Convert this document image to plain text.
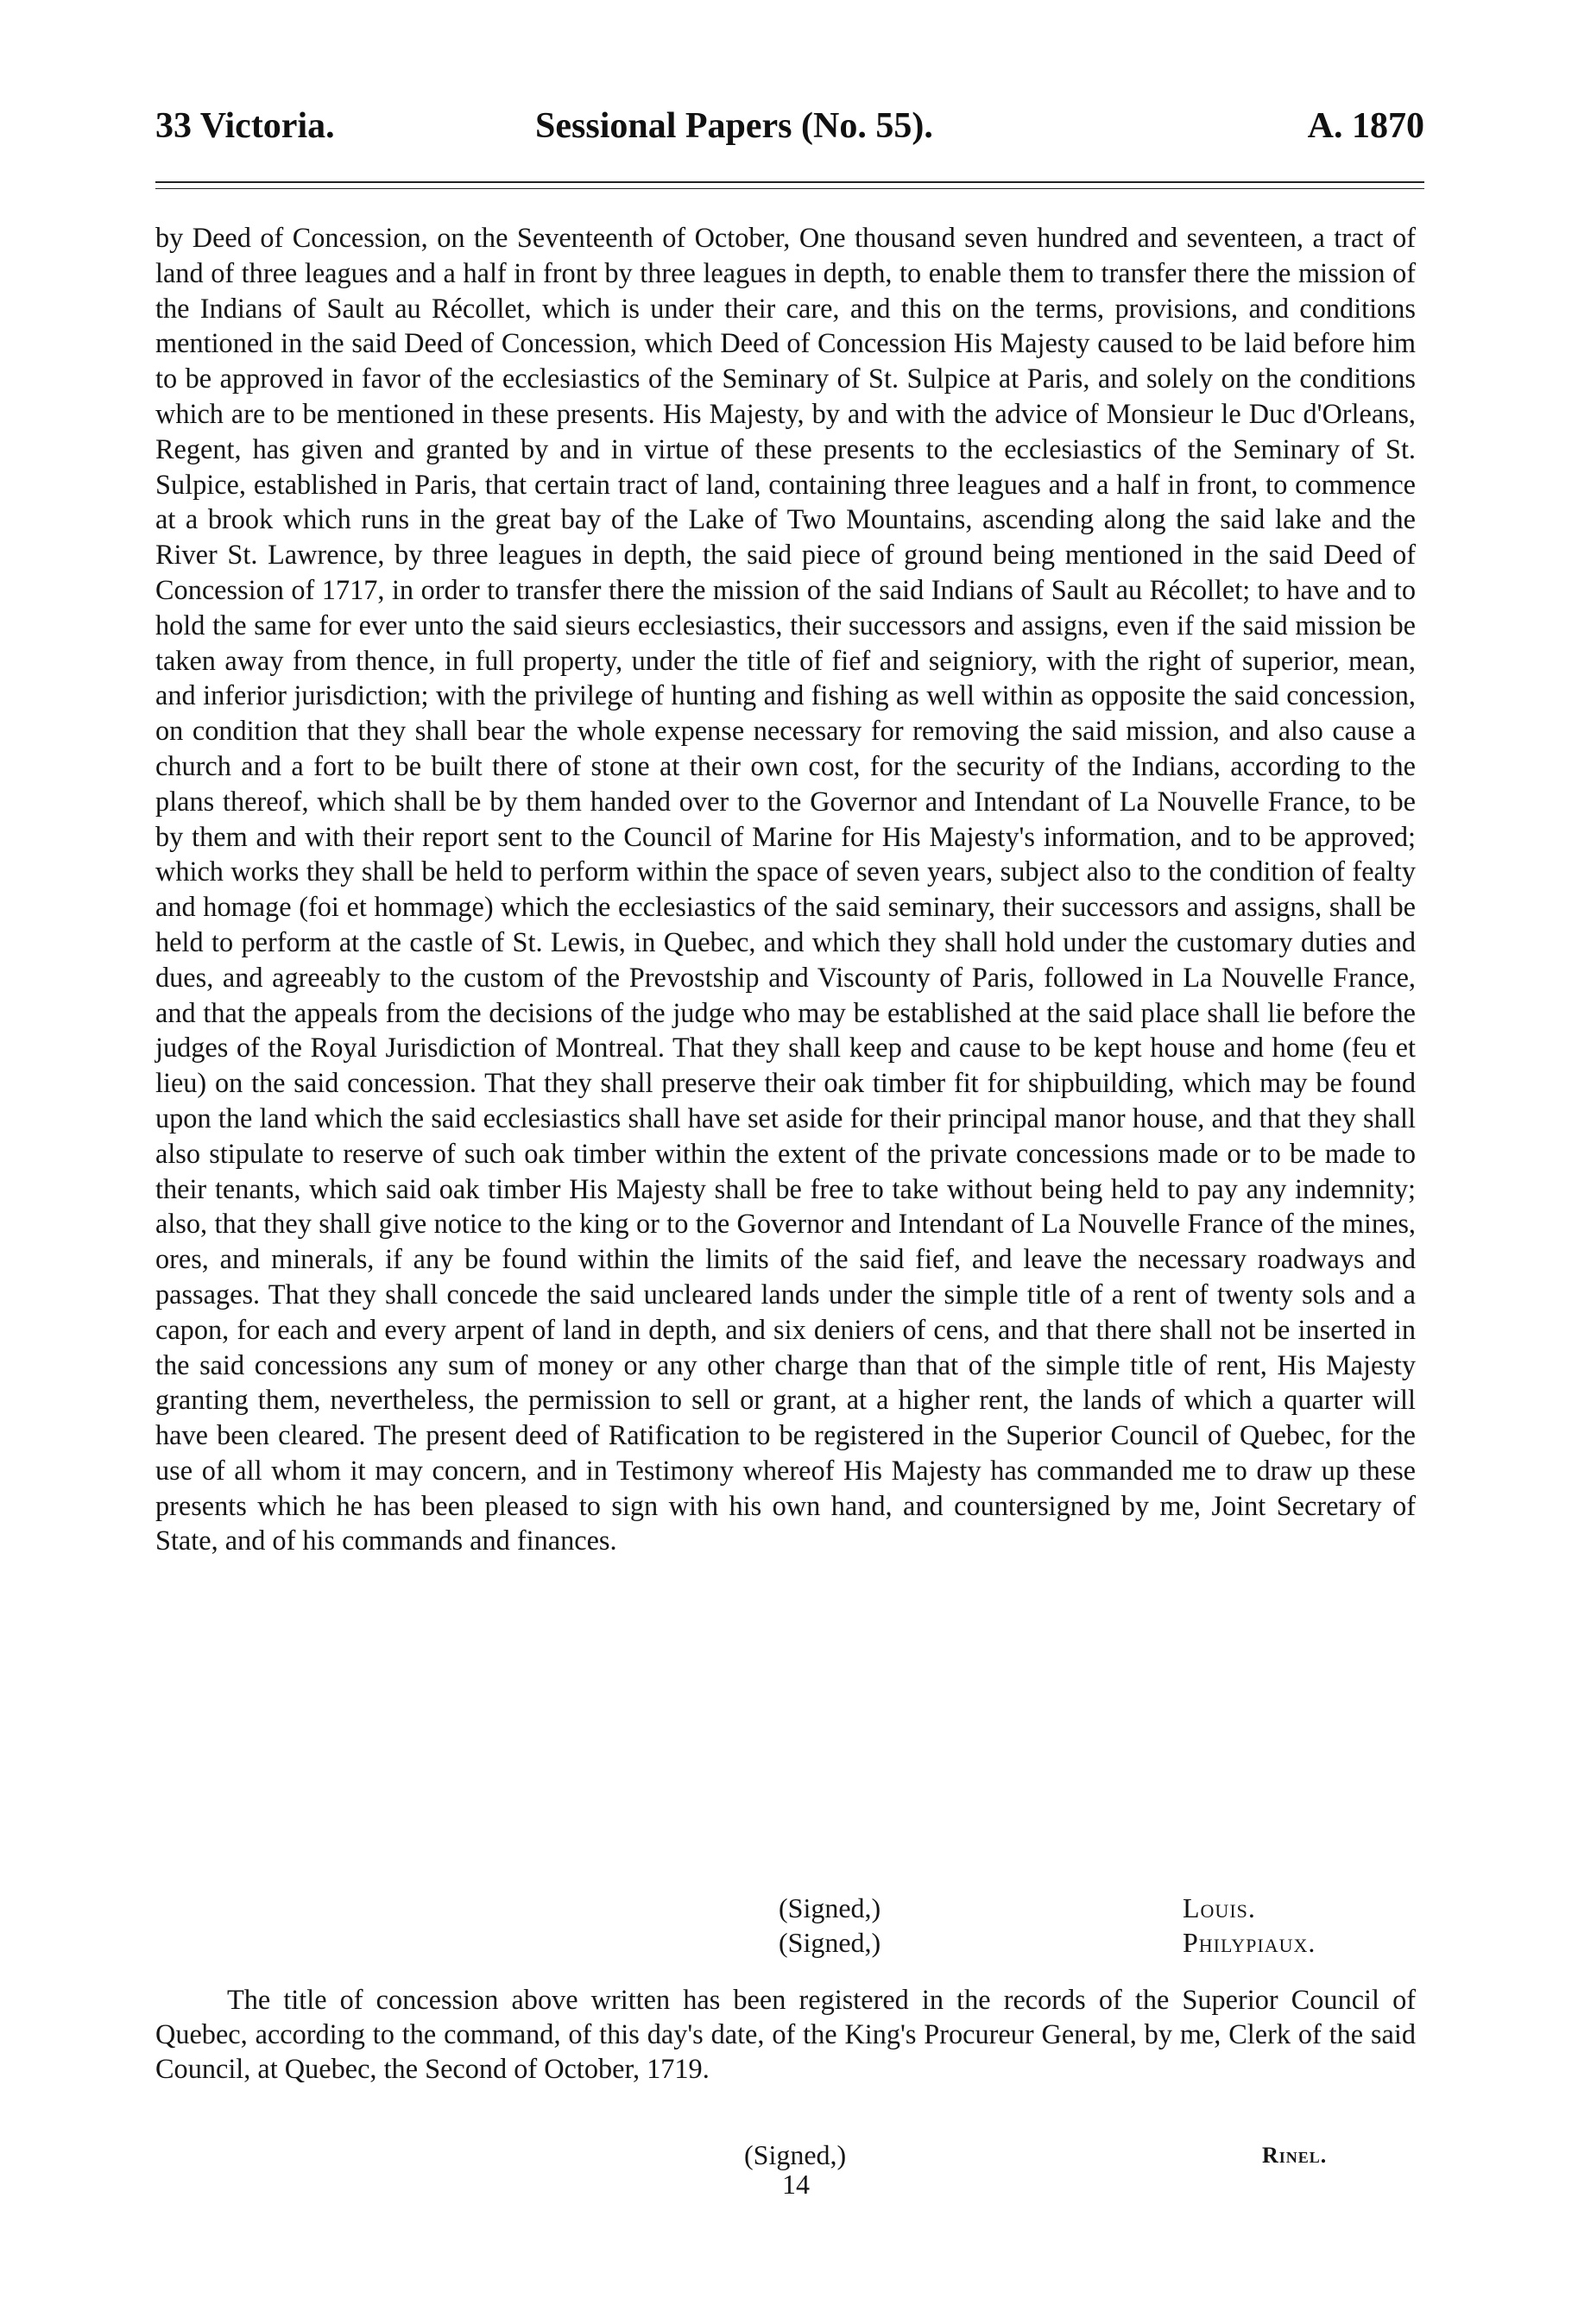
33 Victoria.	Sessional Papers (No. 55).	A. 1870

by Deed of Concession, on the Seventeenth of October, One thousand seven hundred and seventeen, a tract of land of three leagues and a half in front by three leagues in depth, to enable them to transfer there the mission of the Indians of Sault au Récollet, which is under their care, and this on the terms, provisions, and conditions mentioned in the said Deed of Concession, which Deed of Concession His Majesty caused to be laid before him to be approved in favor of the ecclesiastics of the Seminary of St. Sulpice at Paris, and solely on the conditions which are to be mentioned in these presents. His Majesty, by and with the advice of Monsieur le Duc d'Orleans, Regent, has given and granted by and in virtue of these presents to the ecclesiastics of the Seminary of St. Sulpice, established in Paris, that certain tract of land, containing three leagues and a half in front, to commence at a brook which runs in the great bay of the Lake of Two Mountains, ascending along the said lake and the River St. Lawrence, by three leagues in depth, the said piece of ground being mentioned in the said Deed of Concession of 1717, in order to transfer there the mission of the said Indians of Sault au Récollet; to have and to hold the same for ever unto the said sieurs ecclesiastics, their successors and assigns, even if the said mission be taken away from thence, in full property, under the title of fief and seigniory, with the right of superior, mean, and inferior jurisdiction; with the privilege of hunting and fishing as well within as opposite the said concession, on condition that they shall bear the whole expense necessary for removing the said mission, and also cause a church and a fort to be built there of stone at their own cost, for the security of the Indians, according to the plans thereof, which shall be by them handed over to the Governor and Intendant of La Nouvelle France, to be by them and with their report sent to the Council of Marine for His Majesty's information, and to be approved; which works they shall be held to perform within the space of seven years, subject also to the condition of fealty and homage (foi et hommage) which the ecclesiastics of the said seminary, their successors and assigns, shall be held to perform at the castle of St. Lewis, in Quebec, and which they shall hold under the customary duties and dues, and agreeably to the custom of the Prevostship and Viscounty of Paris, followed in La Nouvelle France, and that the appeals from the decisions of the judge who may be established at the said place shall lie before the judges of the Royal Jurisdiction of Montreal. That they shall keep and cause to be kept house and home (feu et lieu) on the said concession. That they shall preserve their oak timber fit for shipbuilding, which may be found upon the land which the said ecclesiastics shall have set aside for their principal manor house, and that they shall also stipulate to reserve of such oak timber within the extent of the private concessions made or to be made to their tenants, which said oak timber His Majesty shall be free to take without being held to pay any indemnity; also, that they shall give notice to the king or to the Governor and Intendant of La Nouvelle France of the mines, ores, and minerals, if any be found within the limits of the said fief, and leave the necessary roadways and passages. That they shall concede the said uncleared lands under the simple title of a rent of twenty sols and a capon, for each and every arpent of land in depth, and six deniers of cens, and that there shall not be inserted in the said concessions any sum of money or any other charge than that of the simple title of rent, His Majesty granting them, nevertheless, the permission to sell or grant, at a higher rent, the lands of which a quarter will have been cleared. The present deed of Ratification to be registered in the Superior Council of Quebec, for the use of all whom it may concern, and in Testimony whereof His Majesty has commanded me to draw up these presents which he has been pleased to sign with his own hand, and countersigned by me, Joint Secretary of State, and of his commands and finances.

(Signed,)	Louis.
(Signed,)	Philypiaux.

The title of concession above written has been registered in the records of the Superior Council of Quebec, according to the command, of this day's date, of the King's Procureur General, by me, Clerk of the said Council, at Quebec, the Second of October, 1719.

(Signed,)	Rinel.
14
